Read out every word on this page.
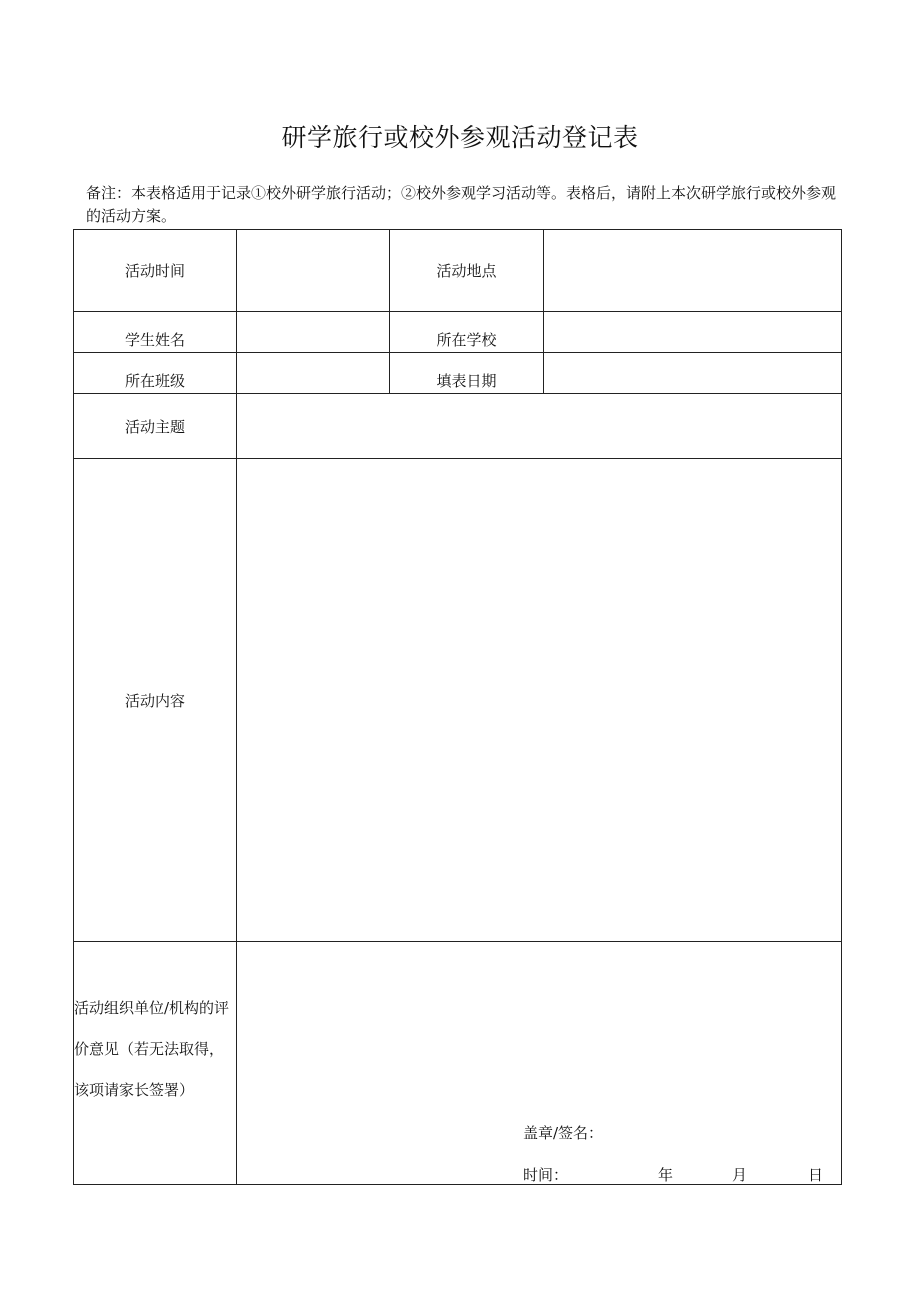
研学旅行或校外参观活动登记表
备注：本表格适用于记录①校外研学旅行活动；②校外参观学习活动等。表格后，请附上本次研学旅行或校外参观的活动方案。
活动时间		活动地点	
学生姓名		所在学校	
所在班级		填表日期	
活动主题			
活动内容			
活动组织单位/机构的评价意见（若无法取得，该项请家长签署）	盖章/签名：
时间： 年 月 日		
